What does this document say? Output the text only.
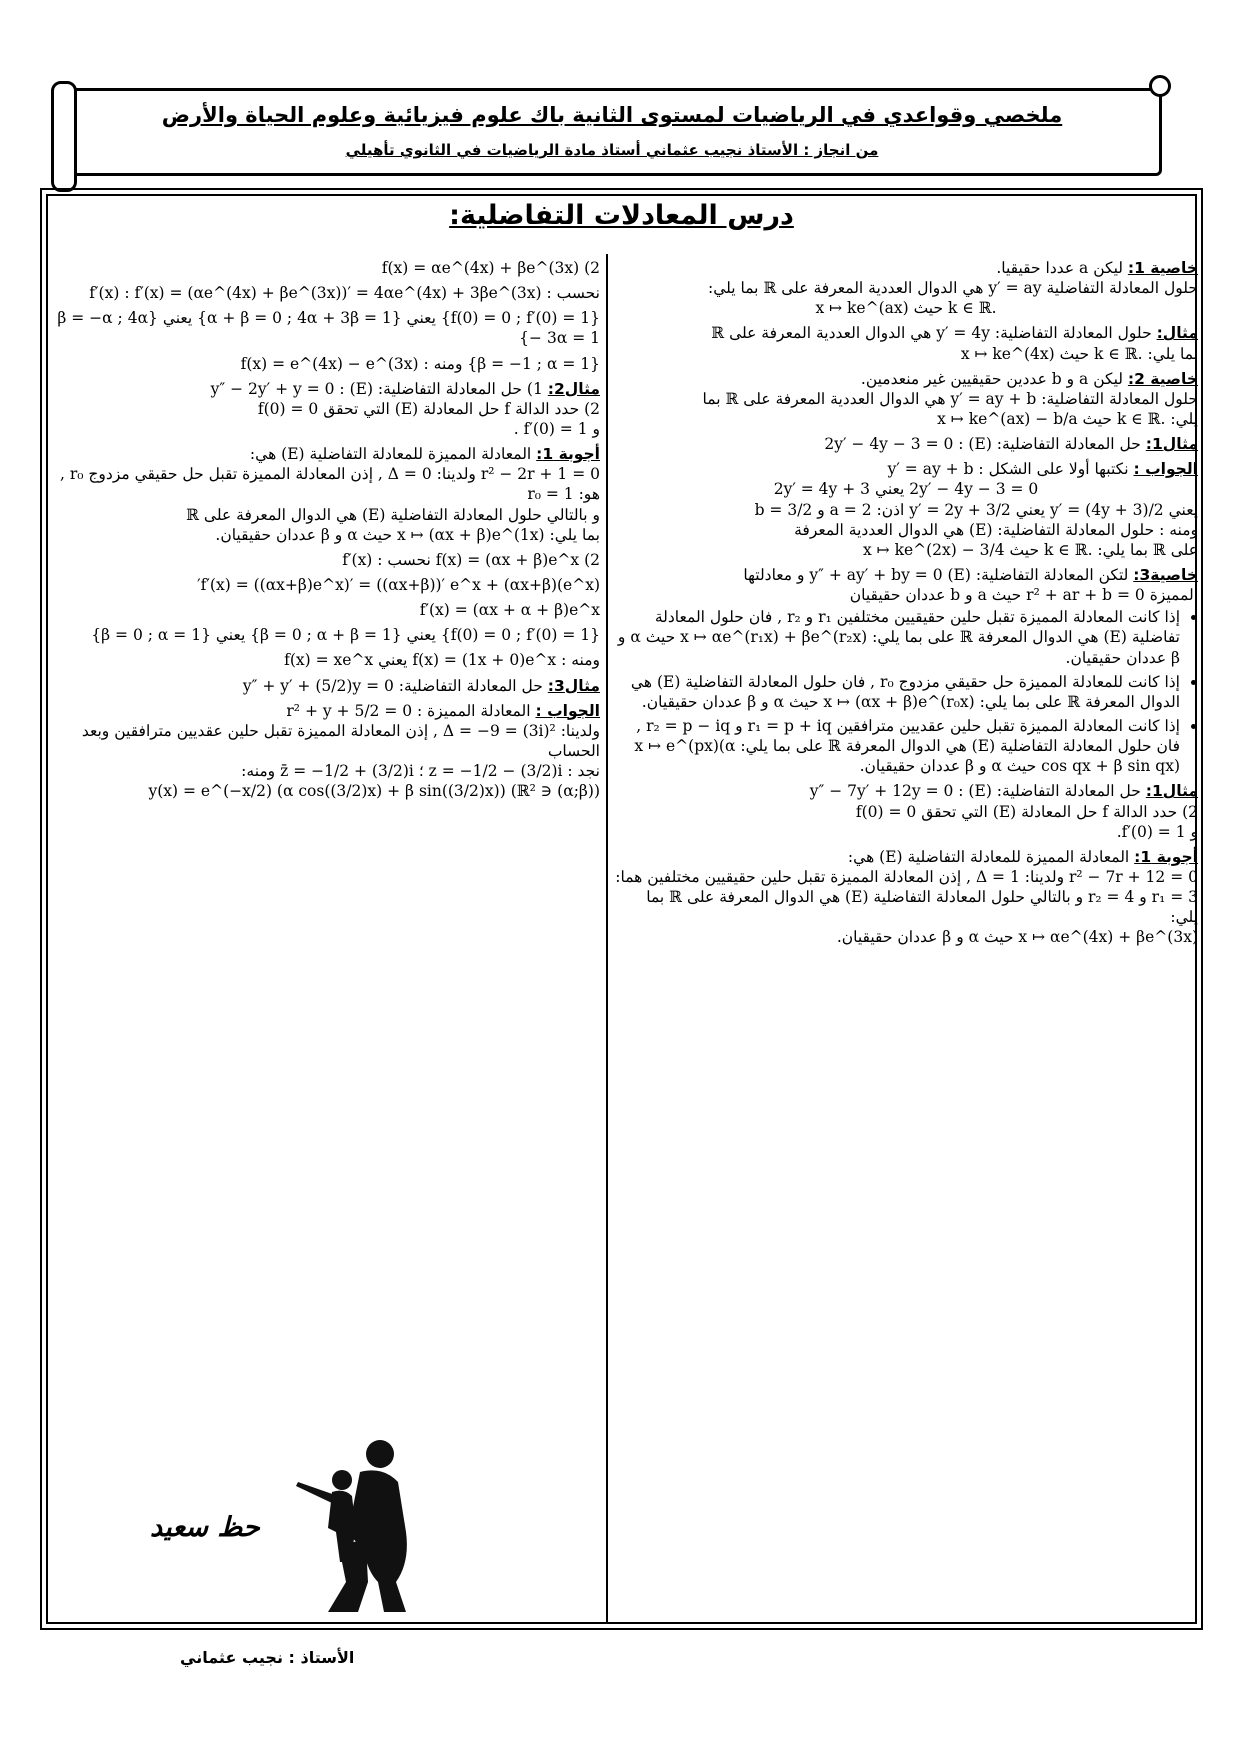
ملخصي وقواعدي في الرياضيات لمستوى الثانية باك علوم فيزيائية وعلوم الحياة والأرض
من انجاز : الأستاذ نجيب عثماني أستاذ مادة الرياضيات في الثانوي تأهيلي
درس المعادلات التفاضلية:
خاصية 1: ليكن a عددا حقيقيا.
حلول المعادلة التفاضلية y′ = ay هي الدوال العددية المعرفة على ℝ بما يلي:
.k ∈ ℝ حيث x ↦ ke^(ax)
مثال: حلول المعادلة التفاضلية: y′ = 4y هي الدوال العددية المعرفة على ℝ
بما يلي: .k ∈ ℝ حيث x ↦ ke^(4x)
خاصية 2: ليكن a و b عددين حقيقيين غير منعدمين.
حلول المعادلة التفاضلية: y′ = ay + b هي الدوال العددية المعرفة على ℝ بما
يلي: .k ∈ ℝ حيث x ↦ ke^(ax) − b/a
مثال1: حل المعادلة التفاضلية: (E) : 2y′ − 4y − 3 = 0
الجواب : نكتبها أولا على الشكل : y′ = ay + b
2y′ − 4y − 3 = 0 يعني 2y′ = 4y + 3
يعني y′ = (4y + 3)/2 يعني y′ = 2y + 3/2 اذن: a = 2 و b = 3/2
ومنه : حلول المعادلة التفاضلية: (E) هي الدوال العددية المعرفة
على ℝ بما يلي: .k ∈ ℝ حيث x ↦ ke^(2x) − 3/4
خاصية3: لتكن المعادلة التفاضلية: (E) y″ + ay′ + by = 0 و معادلتها
المميزة r² + ar + b = 0 حيث a و b عددان حقيقيان
• إذا كانت المعادلة المميزة تقبل حلين حقيقيين مختلفين r₁ و r₂ , فان حلول المعادلة تفاضلية (E) هي الدوال المعرفة ℝ على بما يلي: x ↦ αe^(r₁x) + βe^(r₂x) حيث α و β عددان حقيقيان.
• إذا كانت للمعادلة المميزة حل حقيقي مزدوج r₀ , فان حلول المعادلة التفاضلية (E) هي الدوال المعرفة ℝ على بما يلي: x ↦ (αx + β)e^(r₀x) حيث α و β عددان حقيقيان.
• إذا كانت المعادلة المميزة تقبل حلين عقديين مترافقين r₁ = p + iq و r₂ = p − iq , فان حلول المعادلة التفاضلية (E) هي الدوال المعرفة ℝ على بما يلي: x ↦ e^(px)(α cos qx + β sin qx) حيث α و β عددان حقيقيان.
مثال1: حل المعادلة التفاضلية: (E) : y″ − 7y′ + 12y = 0
2) حدد الدالة f حل المعادلة (E) التي تحقق f(0) = 0
و f′(0) = 1.
أجوبة 1: المعادلة المميزة للمعادلة التفاضلية (E) هي:
r² − 7r + 12 = 0 ولدينا: Δ = 1 , إذن المعادلة المميزة تقبل حلين حقيقيين مختلفين هما: r₁ = 3 و r₂ = 4 و بالتالي حلول المعادلة التفاضلية (E) هي الدوال المعرفة على ℝ بما يلي:
x ↦ αe^(4x) + βe^(3x) حيث α و β عددان حقيقيان.
f(x) = αe^(4x) + βe^(3x) (2
نحسب : f′(x) : f′(x) = (αe^(4x) + βe^(3x))′ = 4αe^(4x) + 3βe^(3x)
{f(0) = 0 ; f′(0) = 1} يعني {α + β = 0 ; 4α + 3β = 1} يعني {β = −α ; 4α − 3α = 1}
{β = −1 ; α = 1} ومنه : f(x) = e^(4x) − e^(3x)
مثال2: 1) حل المعادلة التفاضلية: (E) : y″ − 2y′ + y = 0
2) حدد الدالة f حل المعادلة (E) التي تحقق f(0) = 0
و f′(0) = 1 .
أجوبة 1: المعادلة المميزة للمعادلة التفاضلية (E) هي:
r² − 2r + 1 = 0 ولدينا: Δ = 0 , إذن المعادلة المميزة تقبل حل حقيقي مزدوج r₀ , هو: r₀ = 1
و بالتالي حلول المعادلة التفاضلية (E) هي الدوال المعرفة على ℝ
بما يلي: x ↦ (αx + β)e^(1x) حيث α و β عددان حقيقيان.
f(x) = (αx + β)e^x (2 نحسب : f′(x)
f′(x) = ((αx+β)e^x)′ = ((αx+β))′ e^x + (αx+β)(e^x)′
f′(x) = (αx + α + β)e^x
{f(0) = 0 ; f′(0) = 1} يعني {β = 0 ; α + β = 1} يعني {β = 0 ; α = 1}
ومنه : f(x) = (1x + 0)e^x يعني f(x) = xe^x
مثال3: حل المعادلة التفاضلية: y″ + y′ + (5/2)y = 0
الجواب : المعادلة المميزة : r² + y + 5/2 = 0
ولدينا: Δ = −9 = (3i)² , إذن المعادلة المميزة تقبل حلين عقديين مترافقين وبعد الحساب
نجد : z = −1/2 − (3/2)i ؛ z̄ = −1/2 + (3/2)i ومنه:
((α;β) ∈ ℝ²) y(x) = e^(−x/2) (α cos((3/2)x) + β sin((3/2)x))
حظ سعيد
الأستاذ : نجيب عثماني
